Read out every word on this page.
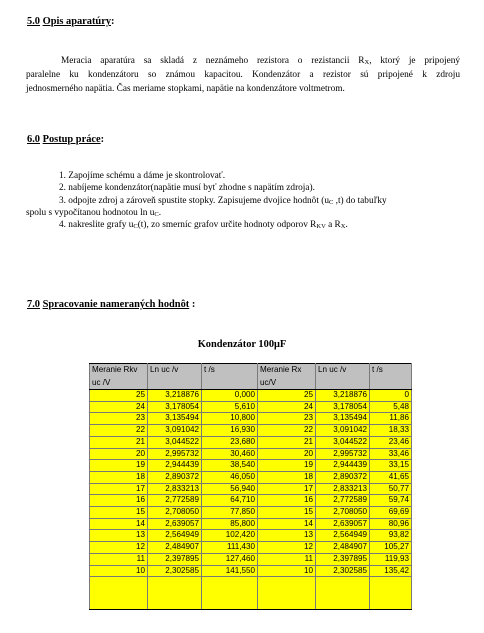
5.0 Opis aparatúry:
Meracia aparatúra sa skladá z neznámeho rezistora o rezistancii $R_X$, ktorý je pripojený
paralelne ku kondenzátoru so známou kapacitou. Kondenzátor a rezistor sú pripojené k zdroju
jednosmerného napätia. Čas meriame stopkami, napätie na kondenzátore voltmetrom.
6.0 Postup práce:
1. Zapojíme schému a dáme je skontrolovať.
2. nabíjeme kondenzátor(napätie musí byť zhodne s napätím zdroja).
3. odpojte zdroj a zároveň spustite stopky. Zapisujeme dvojice hodnôt ($u_C$ ,t) do tabuľky
spolu s vypočítanou hodnotou $\ln u_C$.
4. nakreslite grafy $u_C(t)$, zo smerníc grafov určite hodnoty odporov $R_{KV}$ a $R_X$.
7.0 Spracovanie nameraných hodnôt :
Kondenzátor 100μF
Meranie Rkv	Ln uc /v	t /s	Meranie Rx	Ln uc /v	t /s
uc /V			uc/V		
25	3,218876	0,000	25	3,218876	0
24	3,178054	5,610	24	3,178054	5,48
23	3,135494	10,800	23	3,135494	11,86
22	3,091042	16,930	22	3,091042	18,33
21	3,044522	23,680	21	3,044522	23,46
20	2,995732	30,460	20	2,995732	33,46
19	2,944439	38,540	19	2,944439	33,15
18	2,890372	46,050	18	2,890372	41,65
17	2,833213	56,940	17	2,833213	50,77
16	2,772589	64,710	16	2,772589	59,74
15	2,708050	77,850	15	2,708050	69,69
14	2,639057	85,800	14	2,639057	80,96
13	2,564949	102,420	13	2,564949	93,82
12	2,484907	111,430	12	2,484907	105,27
11	2,397895	127,460	11	2,397895	119,93
10	2,302585	141,550	10	2,302585	135,42
